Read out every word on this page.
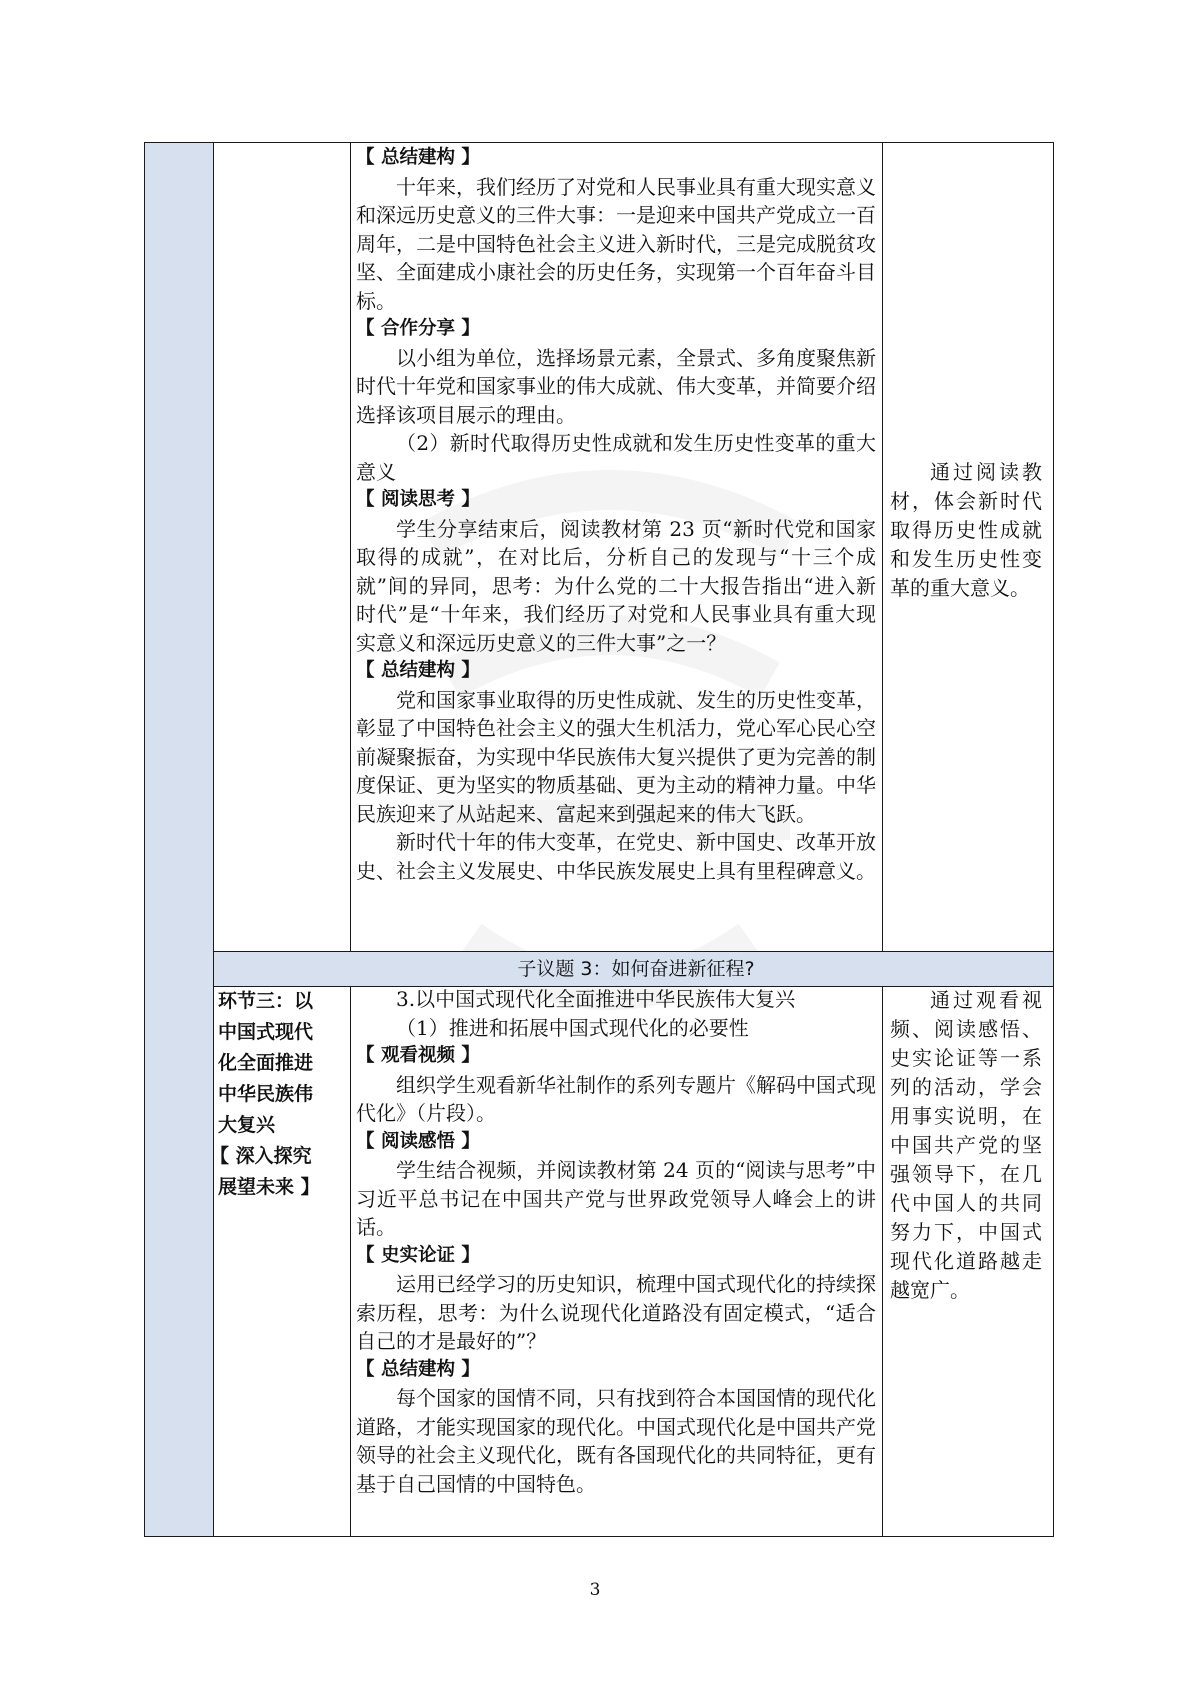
【 总结建构 】

十年来，我们经历了对党和人民事业具有重大现实意义和深远历史意义的三件大事：一是迎来中国共产党成立一百周年，二是中国特色社会主义进入新时代，三是完成脱贫攻坚、全面建成小康社会的历史任务，实现第一个百年奋斗目标。

【 合作分享 】

以小组为单位，选择场景元素，全景式、多角度聚焦新时代十年党和国家事业的伟大成就、伟大变革，并简要介绍选择该项目展示的理由。

（2）新时代取得历史性成就和发生历史性变革的重大意义

【 阅读思考 】

学生分享结束后，阅读教材第 23 页“新时代党和国家取得的成就”，在对比后，分析自己的发现与“十三个成就”间的异同，思考：为什么党的二十大报告指出“进入新时代”是“十年来，我们经历了对党和人民事业具有重大现实意义和深远历史意义的三件大事”之一？

【 总结建构 】

党和国家事业取得的历史性成就、发生的历史性变革，彰显了中国特色社会主义的强大生机活力，党心军心民心空前凝聚振奋，为实现中华民族伟大复兴提供了更为完善的制度保证、更为坚实的物质基础、更为主动的精神力量。中华民族迎来了从站起来、富起来到强起来的伟大飞跃。

新时代十年的伟大变革，在党史、新中国史、改革开放史、社会主义发展史、中华民族发展史上具有里程碑意义。

通过阅读教材，体会新时代取得历史性成就和发生历史性变革的重大意义。

子议题 3：如何奋进新征程?
环节三：以
中国式现代
化全面推进
中华民族伟
大复兴
【 深入探究
展望未来 】

3.以中国式现代化全面推进中华民族伟大复兴

（1）推进和拓展中国式现代化的必要性

【 观看视频 】

组织学生观看新华社制作的系列专题片《解码中国式现代化》（片段）。

【 阅读感悟 】

学生结合视频，并阅读教材第 24 页的“阅读与思考”中习近平总书记在中国共产党与世界政党领导人峰会上的讲话。

【 史实论证 】

运用已经学习的历史知识，梳理中国式现代化的持续探索历程，思考：为什么说现代化道路没有固定模式，“适合自己的才是最好的”？

【 总结建构 】

每个国家的国情不同，只有找到符合本国国情的现代化道路，才能实现国家的现代化。中国式现代化是中国共产党领导的社会主义现代化，既有各国现代化的共同特征，更有基于自己国情的中国特色。

通过观看视频、阅读感悟、史实论证等一系列的活动，学会用事实说明，在中国共产党的坚强领导下，在几代中国人的共同努力下，中国式现代化道路越走越宽广。

3
